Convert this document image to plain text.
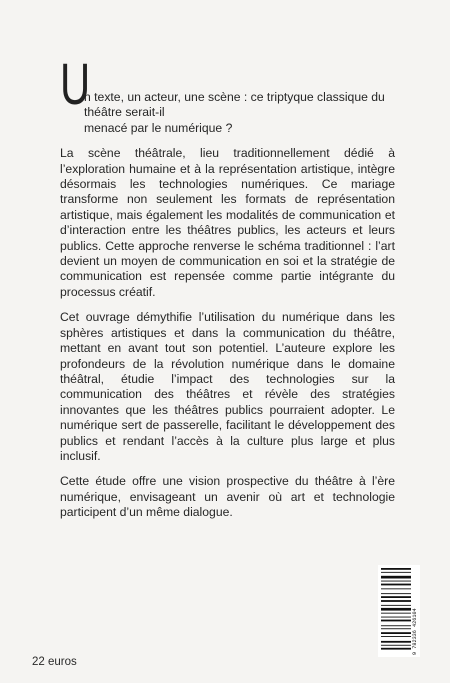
U
n texte, un acteur, une scène : ce triptyque classique du théâtre serait-il
menacé par le numérique ?

La scène théâtrale, lieu traditionnellement dédié à l’exploration humaine et à la représentation artistique, intègre désormais les technologies numériques. Ce mariage transforme non seulement les formats de représentation artistique, mais également les modalités de communication et d’interaction entre les théâtres publics, les acteurs et leurs publics. Cette approche renverse le schéma traditionnel : l’art devient un moyen de communication en soi et la stratégie de communication est repensée comme partie intégrante du processus créatif.

Cet ouvrage démythifie l’utilisation du numérique dans les sphères artistiques et dans la communication du théâtre, mettant en avant tout son potentiel. L’auteure explore les profondeurs de la révolution numérique dans le domaine théâtral, étudie l’impact des technologies sur la communication des théâtres et révèle des stratégies innovantes que les théâtres publics pourraient adopter. Le numérique sert de passerelle, facilitant le développement des publics et rendant l’accès à la culture plus large et plus inclusif.

Cette étude offre une vision prospective du théâtre à l’ère numérique, envisageant un avenir où art et technologie participent d’un même dialogue.

9 782336 426104
22 euros
